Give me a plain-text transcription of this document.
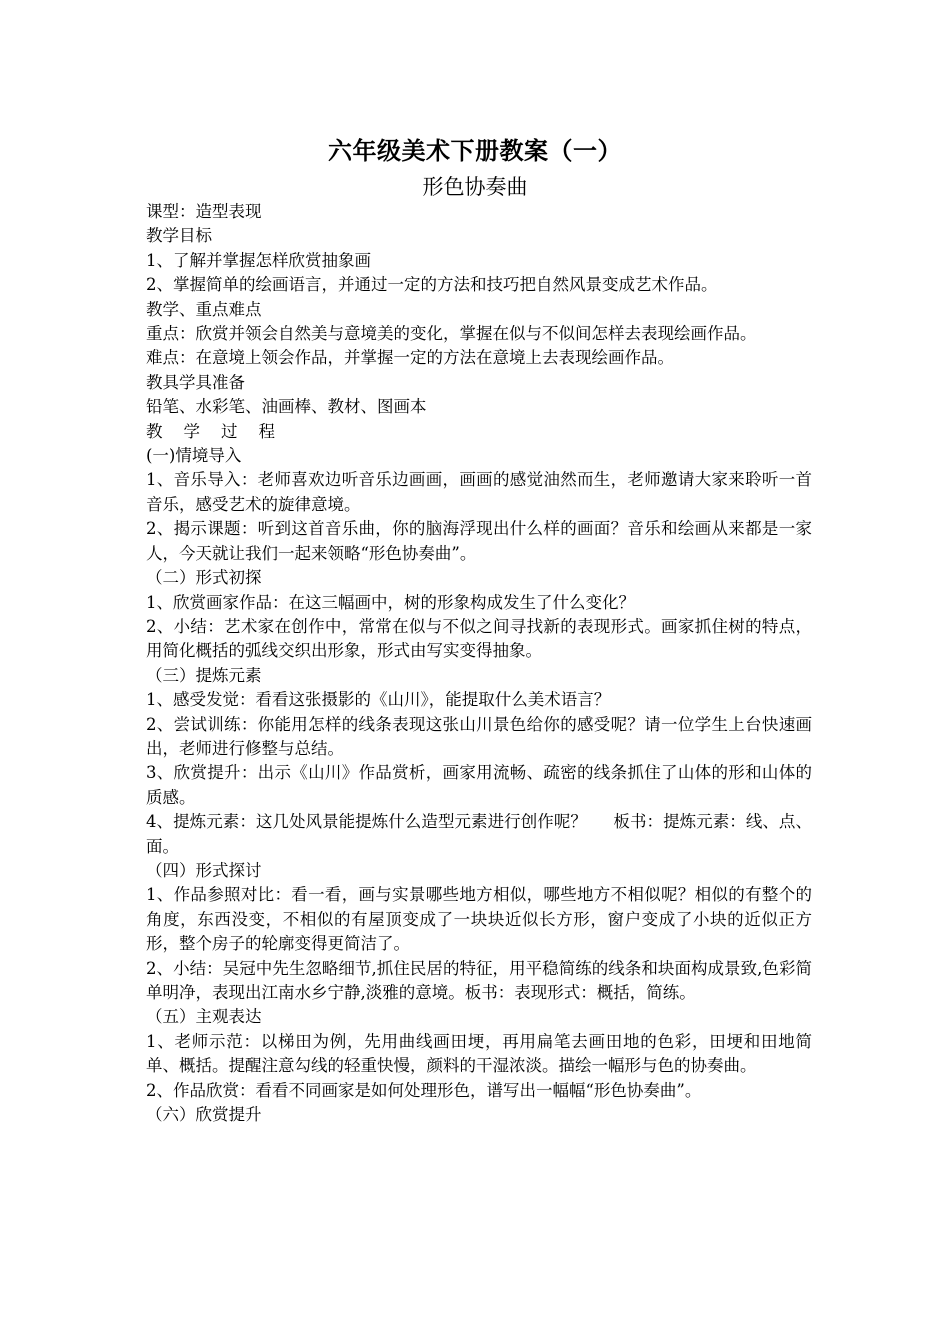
六年级美术下册教案（一）
形色协奏曲

课型：造型表现

教学目标

1、了解并掌握怎样欣赏抽象画

2、掌握简单的绘画语言，并通过一定的方法和技巧把自然风景变成艺术作品。

教学、重点难点

重点：欣赏并领会自然美与意境美的变化，掌握在似与不似间怎样去表现绘画作品。

难点：在意境上领会作品，并掌握一定的方法在意境上去表现绘画作品。

教具学具准备

铅笔、水彩笔、油画棒、教材、图画本

教    学    过    程

(一)情境导入

1、音乐导入：老师喜欢边听音乐边画画，画画的感觉油然而生，老师邀请大家来聆听一首音乐，感受艺术的旋律意境。

2、揭示课题：听到这首音乐曲，你的脑海浮现出什么样的画面？音乐和绘画从来都是一家人，今天就让我们一起来领略“形色协奏曲”。

（二）形式初探

1、欣赏画家作品：在这三幅画中，树的形象构成发生了什么变化？

2、小结：艺术家在创作中，常常在似与不似之间寻找新的表现形式。画家抓住树的特点，用简化概括的弧线交织出形象，形式由写实变得抽象。

（三）提炼元素

1、感受发觉：看看这张摄影的《山川》，能提取什么美术语言？

2、尝试训练：你能用怎样的线条表现这张山川景色给你的感受呢？请一位学生上台快速画出，老师进行修整与总结。

3、欣赏提升：出示《山川》作品赏析，画家用流畅、疏密的线条抓住了山体的形和山体的质感。

4、提炼元素：这几处风景能提炼什么造型元素进行创作呢？     板书：提炼元素：线、点、面。

（四）形式探讨

1、作品参照对比：看一看，画与实景哪些地方相似，哪些地方不相似呢？相似的有整个的角度，东西没变，不相似的有屋顶变成了一块块近似长方形，窗户变成了小块的近似正方形，整个房子的轮廓变得更简洁了。

2、小结：吴冠中先生忽略细节,抓住民居的特征，用平稳简练的线条和块面构成景致,色彩简单明净，表现出江南水乡宁静,淡雅的意境。板书：表现形式：概括，简练。

（五）主观表达

1、老师示范：以梯田为例，先用曲线画田埂，再用扁笔去画田地的色彩，田埂和田地简单、概括。提醒注意勾线的轻重快慢，颜料的干湿浓淡。描绘一幅形与色的协奏曲。

2、作品欣赏：看看不同画家是如何处理形色，谱写出一幅幅“形色协奏曲”。

（六）欣赏提升
